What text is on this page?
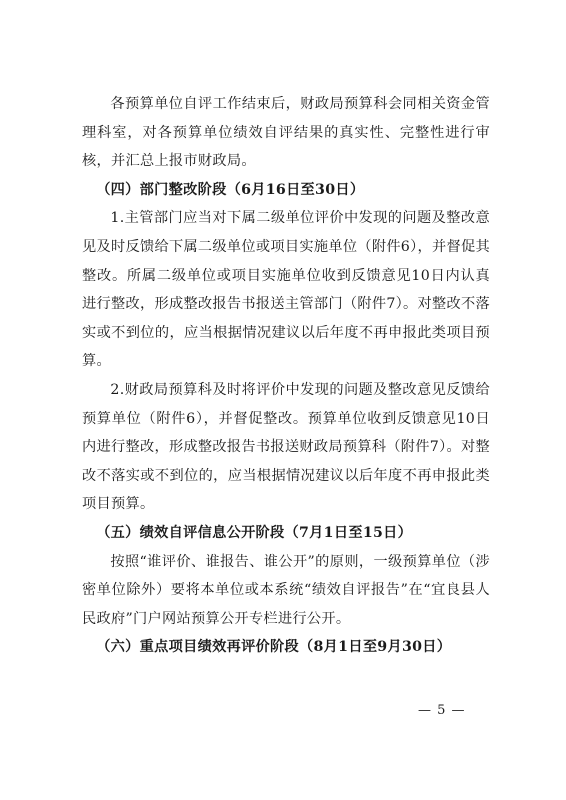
各预算单位自评工作结束后，财政局预算科会同相关资金管理科室，对各预算单位绩效自评结果的真实性、完整性进行审核，并汇总上报市财政局。

（四）部门整改阶段（6月16日至30日）

1.主管部门应当对下属二级单位评价中发现的问题及整改意见及时反馈给下属二级单位或项目实施单位（附件6），并督促其整改。所属二级单位或项目实施单位收到反馈意见10日内认真进行整改，形成整改报告书报送主管部门（附件7）。对整改不落实或不到位的，应当根据情况建议以后年度不再申报此类项目预算。

2.财政局预算科及时将评价中发现的问题及整改意见反馈给预算单位（附件6），并督促整改。预算单位收到反馈意见10日内进行整改，形成整改报告书报送财政局预算科（附件7）。对整改不落实或不到位的，应当根据情况建议以后年度不再申报此类项目预算。

（五）绩效自评信息公开阶段（7月1日至15日）

按照“谁评价、谁报告、谁公开”的原则，一级预算单位（涉密单位除外）要将本单位或本系统“绩效自评报告”在“宜良县人民政府”门户网站预算公开专栏进行公开。

（六）重点项目绩效再评价阶段（8月1日至9月30日）

— 5 —
